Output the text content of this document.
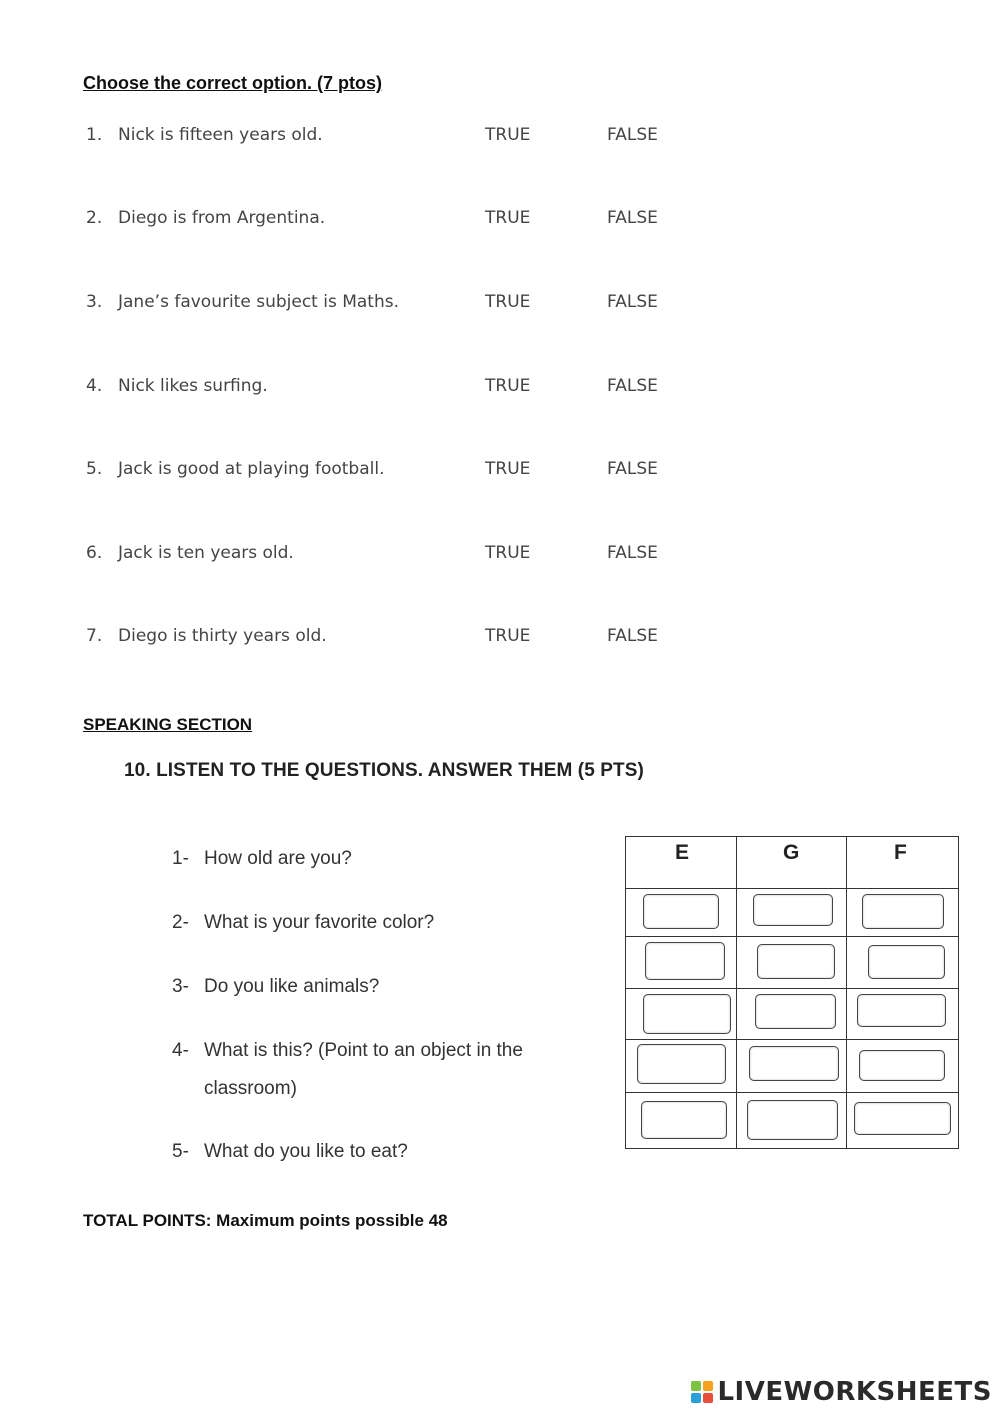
Choose the correct option. (7 ptos)
1. Nick is fifteen years old.	TRUE	FALSE
2. Diego is from Argentina.	TRUE	FALSE
3. Jane’s favourite subject is Maths.	TRUE	FALSE
4. Nick likes surfing.	TRUE	FALSE
5. Jack is good at playing football.	TRUE	FALSE
6. Jack is ten years old.	TRUE	FALSE
7. Diego is thirty years old.	TRUE	FALSE
SPEAKING SECTION
10. LISTEN TO THE QUESTIONS. ANSWER THEM (5 PTS)
1- How old are you?
2- What is your favorite color?
3- Do you like animals?
4- What is this? (Point to an object in the
classroom)
5- What do you like to eat?
E	G	F
TOTAL POINTS: Maximum points possible 48
LIVEWORKSHEETS
